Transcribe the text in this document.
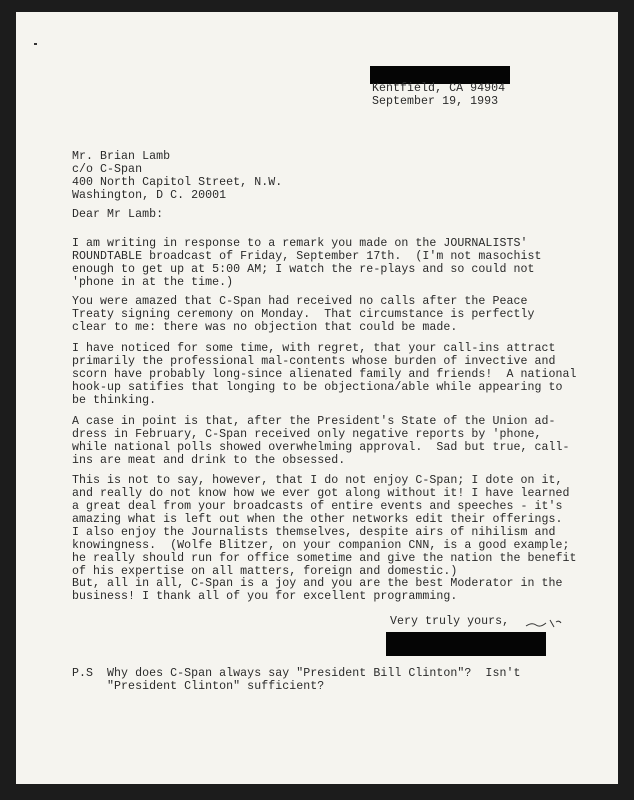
Kentfield, CA 94904
September 19, 1993
Mr. Brian Lamb
c/o C-Span
400 North Capitol Street, N.W.
Washington, D C. 20001
Dear Mr Lamb:
I am writing in response to a remark you made on the JOURNALISTS'
ROUNDTABLE broadcast of Friday, September 17th.  (I'm not masochist
enough to get up at 5:00 AM; I watch the re-plays and so could not
'phone in at the time.)
You were amazed that C-Span had received no calls after the Peace
Treaty signing ceremony on Monday.  That circumstance is perfectly
clear to me: there was no objection that could be made.
I have noticed for some time, with regret, that your call-ins attract
primarily the professional mal-contents whose burden of invective and
scorn have probably long-since alienated family and friends!  A national
hook-up satifies that longing to be objectiona/able while appearing to
be thinking.
A case in point is that, after the President's State of the Union ad-
dress in February, C-Span received only negative reports by 'phone,
while national polls showed overwhelming approval.  Sad but true, call-
ins are meat and drink to the obsessed.
This is not to say, however, that I do not enjoy C-Span; I dote on it,
and really do not know how we ever got along without it! I have learned
a great deal from your broadcasts of entire events and speeches - it's
amazing what is left out when the other networks edit their offerings.
I also enjoy the Journalists themselves, despite airs of nihilism and
knowingness.  (Wolfe Blitzer, on your companion CNN, is a good example;
he really should run for office sometime and give the nation the benefit
of his expertise on all matters, foreign and domestic.)
But, all in all, C-Span is a joy and you are the best Moderator in the
business! I thank all of you for excellent programming.
Very truly yours,
P.S  Why does C-Span always say "President Bill Clinton"?  Isn't
"President Clinton" sufficient?
